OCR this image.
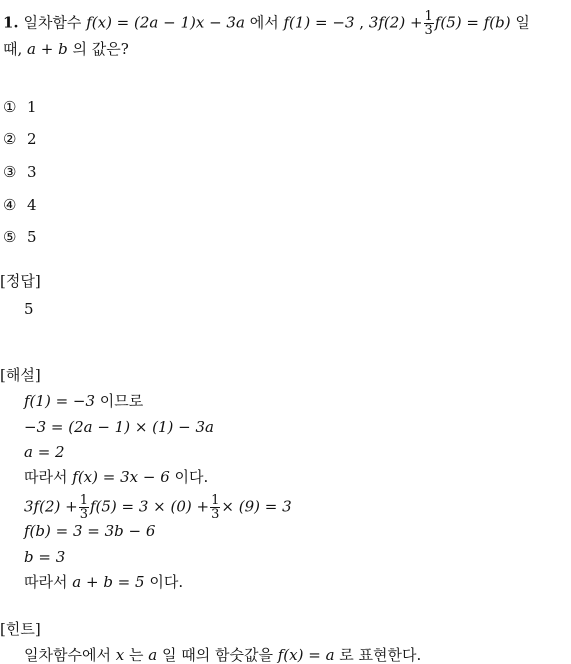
1. 일차함수 f(x) = (2a − 1)x − 3a 에서 f(1) = −3 , $3f(2) + \frac{1}{3} f(5) = f(b)$ 일
때, a + b 의 값은?
① 1
② 2
③ 3
④ 4
⑤ 5
[정답]
5
[해설]
f(1) = −3 이므로
−3 = (2a − 1) × (1) − 3a
a = 2
따라서 f(x) = 3x − 6 이다.
$3f(2) + \frac{1}{3} f(5) = 3 \times (0) + \frac{1}{3} \times (9) = 3$
f(b) = 3 = 3b − 6
b = 3
따라서 a + b = 5 이다.
[힌트]
일차함수에서 x 는 a 일 때의 함숫값을 f(x) = a 로 표현한다.
